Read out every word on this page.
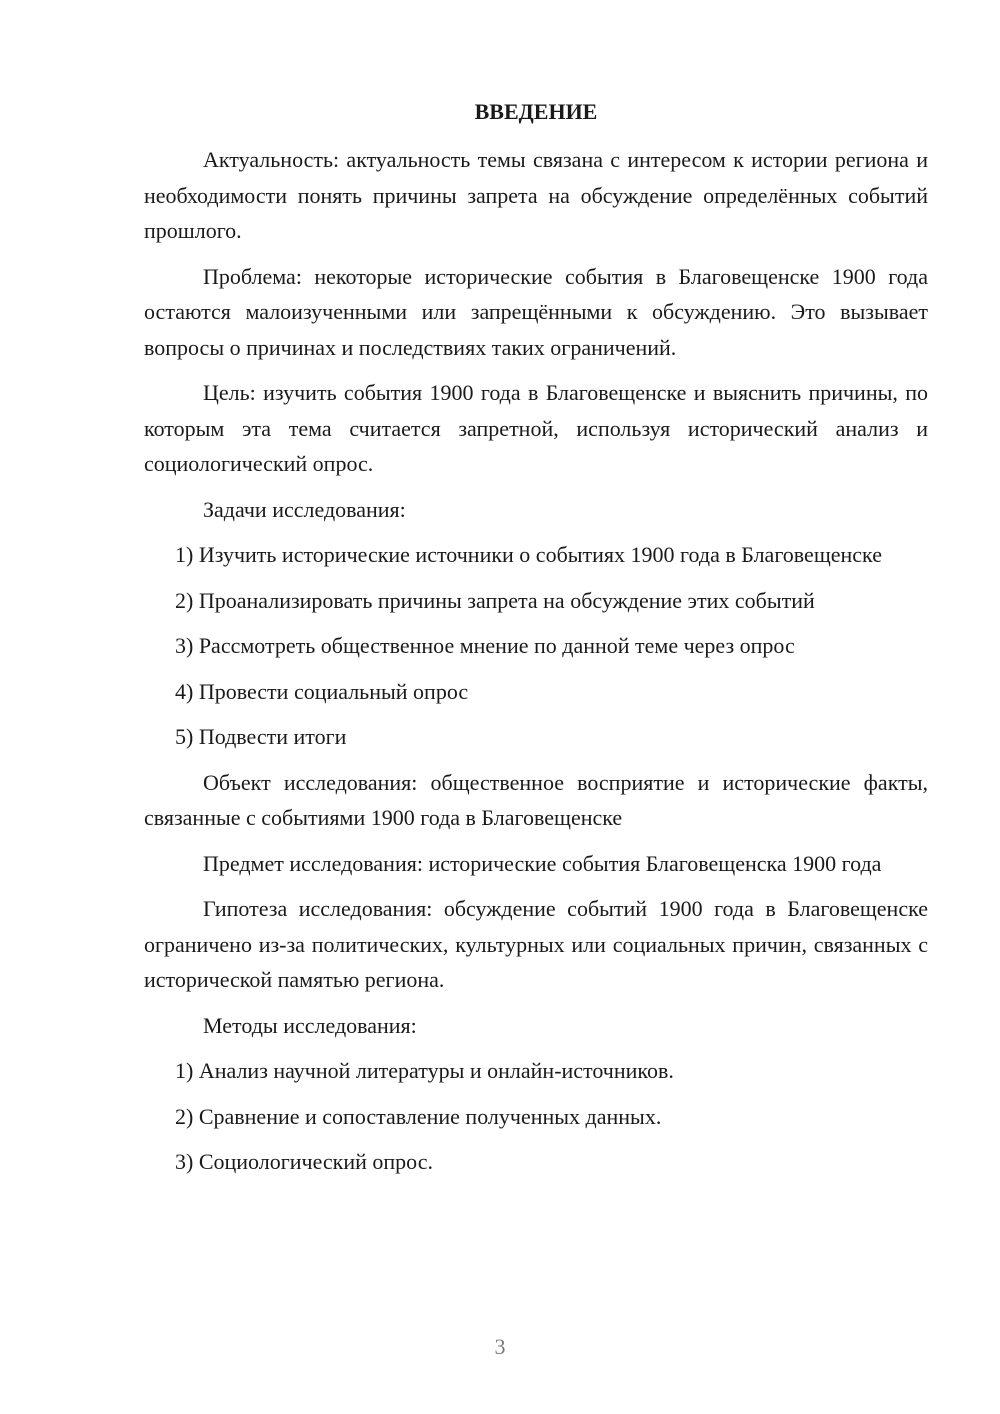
ВВЕДЕНИЕ

Актуальность: актуальность темы связана с интересом к истории региона и необходимости понять причины запрета на обсуждение определённых событий прошлого.

Проблема: некоторые исторические события в Благовещенске 1900 года остаются малоизученными или запрещёнными к обсуждению. Это вызывает вопросы о причинах и последствиях таких ограничений.

Цель: изучить события 1900 года в Благовещенске и выяснить причины, по которым эта тема считается запретной, используя исторический анализ и социологический опрос.

Задачи исследования:

1) Изучить исторические источники о событиях 1900 года в Благовещенске

2) Проанализировать причины запрета на обсуждение этих событий

3) Рассмотреть общественное мнение по данной теме через опрос

4) Провести социальный опрос

5) Подвести итоги

Объект исследования: общественное восприятие и исторические факты, связанные с событиями 1900 года в Благовещенске

Предмет исследования: исторические события Благовещенска 1900 года

Гипотеза исследования: обсуждение событий 1900 года в Благовещенске ограничено из-за политических, культурных или социальных причин, связанных с исторической памятью региона.

Методы исследования:

1) Анализ научной литературы и онлайн-источников.

2) Сравнение и сопоставление полученных данных.

3) Социологический опрос.

3
